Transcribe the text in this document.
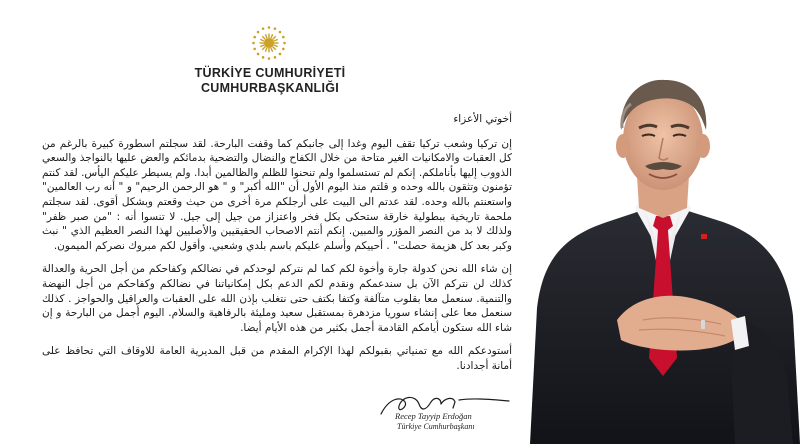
TÜRKİYE CUMHURİYETİ
CUMHURBAŞKANLIĞI

أخوتي الأعزاء

إن تركيا وشعب تركيا تقف اليوم وغدا إلى جانبكم كما وقفت البارحة. لقد سجلتم اسطورة كبيرة بالرغم من كل العقبات والامكانيات الغير متاحة من خلال الكفاح والنضال والتضحية بدمائكم والعض عليها بالنواجذ والسعي الذووب إليها بأناملكم. إنكم لم تستسلموا ولم تنحنوا للظلم والظالمين أبدا. ولم يسيطر عليكم اليأس. لقد كنتم تؤمنون وتثقون بالله وحده و قلتم منذ اليوم الأول أن "الله أكبر" و " هو الرحمن الرحيم" و " أنه رب العالمين" واستعنتم بالله وحده. لقد عدتم الى البيت على أرجلكم مرة أخرى من حيث وقعتم وبشكل أقوى. لقد سجلتم ملحمة تاريخية ببطولية خارقة ستحكى بكل فخر واعتزاز من جيل إلى جيل. لا تنسوا أنه : "من صبر ظفر" ولذلك لا بد من النصر المؤزر والمبين. إنكم أنتم الاصحاب الحقيقيين والأصليين لهذا النصر العظيم الذي " نبث وكبر بعد كل هزيمة حصلت" . أحييكم وأسلم عليكم باسم بلدي وشعبي. وأقول لكم مبروك نصركم الميمون.

إن شاء الله نحن كدولة جارة وأخوة لكم كما لم نتركم لوحدكم في نضالكم وكفاحكم من أجل الحرية والعدالة كذلك لن نتركم الآن بل سندعمكم ونقدم لكم الدعم بكل إمكانياتنا في نضالكم وكفاحكم من أجل النهضة والتنمية. سنعمل معا بقلوب متآلفة وكتفا بكتف حتى نتغلب بإذن الله على العقبات والعراقيل والحواجز . كذلك سنعمل معا على إنشاء سوريا مزدهرة بمستقبل سعيد ومليئة بالرفاهية والسلام. اليوم أجمل من البارحة و إن شاء الله ستكون أيامكم القادمة أجمل بكثير من هذه الأيام أيضا.

أستودعكم الله مع تمنياتي بقبولكم لهذا الإكرام المقدم من قبل المديرية العامة للاوقاف التي تحافظ على أمانة أجدادنا.

Recep Tayyip Erdoğan
Türkiye Cumhurbaşkanı
